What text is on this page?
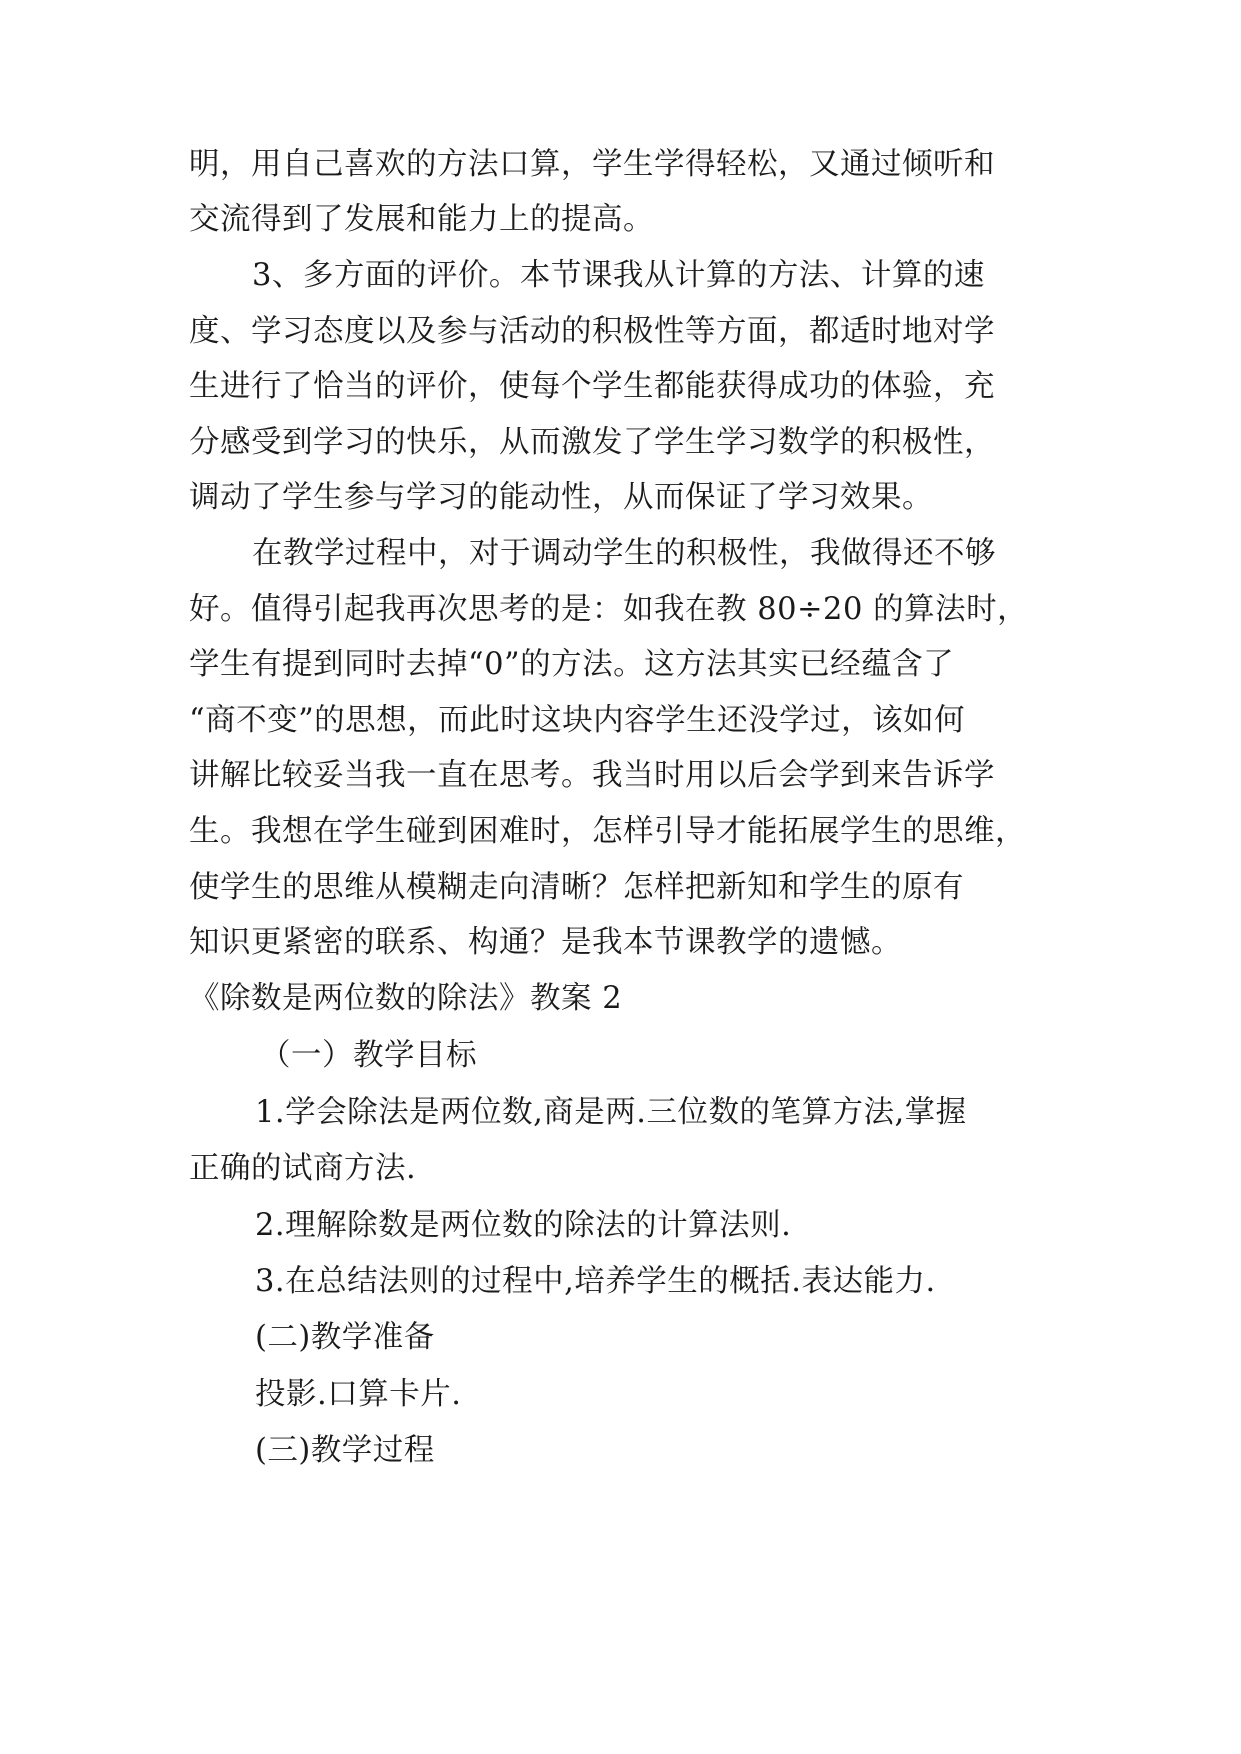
明，用自己喜欢的方法口算，学生学得轻松，又通过倾听和
交流得到了发展和能力上的提高。
3、多方面的评价。本节课我从计算的方法、计算的速
度、学习态度以及参与活动的积极性等方面，都适时地对学
生进行了恰当的评价，使每个学生都能获得成功的体验，充
分感受到学习的快乐，从而激发了学生学习数学的积极性，
调动了学生参与学习的能动性，从而保证了学习效果。
在教学过程中，对于调动学生的积极性，我做得还不够
好。值得引起我再次思考的是：如我在教 80÷20 的算法时，
学生有提到同时去掉“0”的方法。这方法其实已经蕴含了
“商不变”的思想，而此时这块内容学生还没学过，该如何
讲解比较妥当我一直在思考。我当时用以后会学到来告诉学
生。我想在学生碰到困难时，怎样引导才能拓展学生的思维，
使学生的思维从模糊走向清晰？怎样把新知和学生的原有
知识更紧密的联系、构通？是我本节课教学的遗憾。
《除数是两位数的除法》教案 2
（一）教学目标
1.学会除法是两位数,商是两.三位数的笔算方法,掌握
正确的试商方法.
2.理解除数是两位数的除法的计算法则.
3.在总结法则的过程中,培养学生的概括.表达能力.
(二)教学准备
投影.口算卡片.
(三)教学过程
